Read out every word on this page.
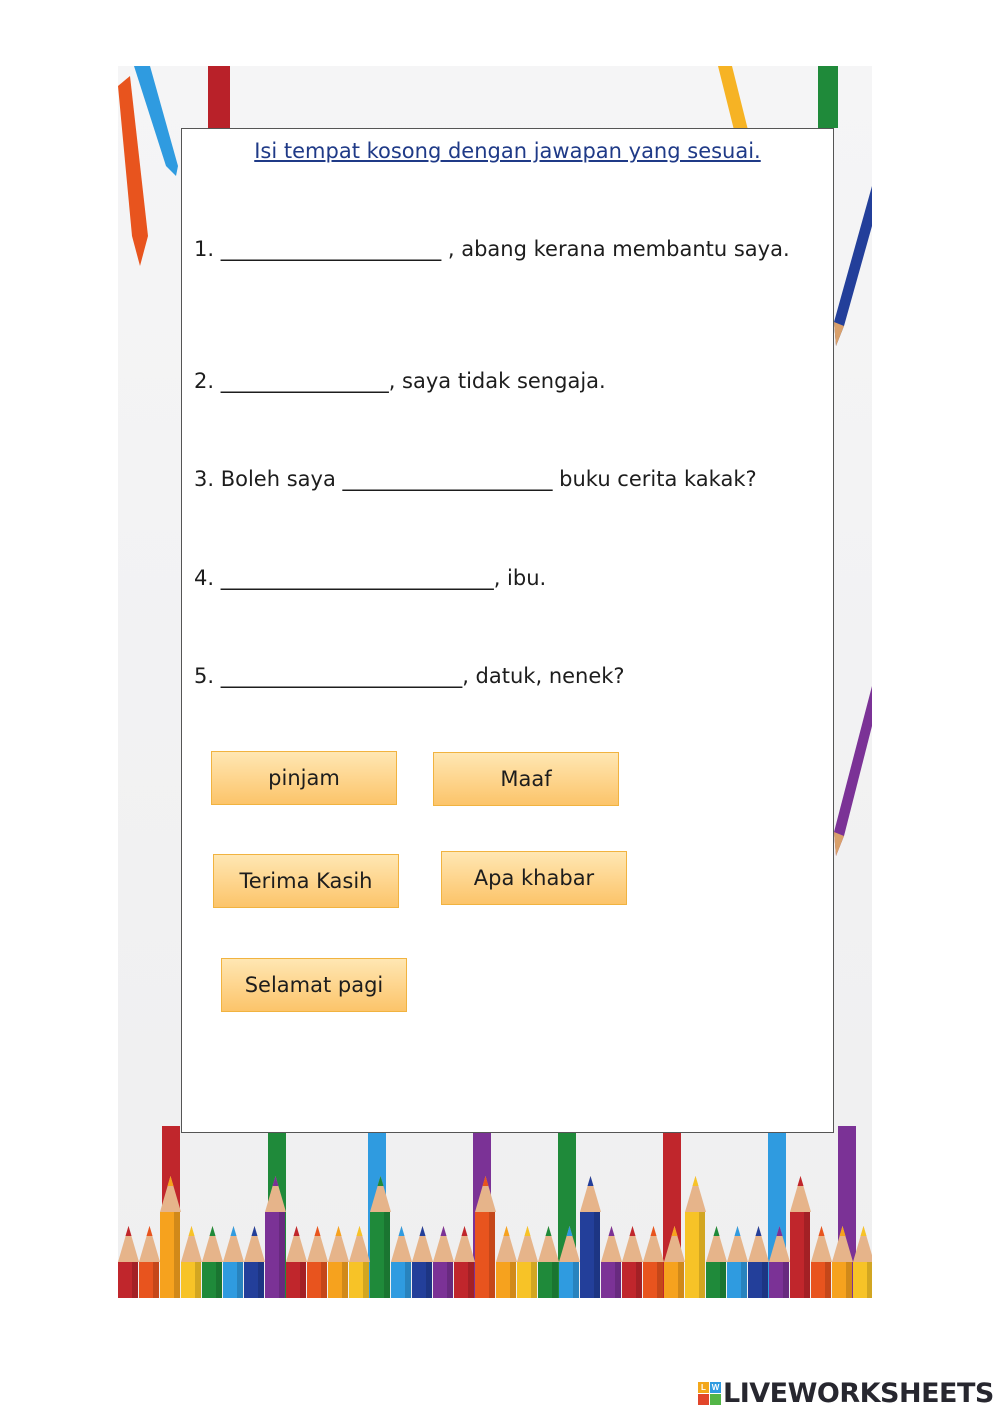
Isi tempat kosong dengan jawapan yang sesuai.
1. _____________________ , abang kerana membantu saya.
2. ________________, saya tidak sengaja.
3. Boleh saya ____________________ buku cerita kakak?
4. __________________________, ibu.
5. _______________________, datuk, nenek?
pinjam	Maaf
Terima Kasih	Apa khabar
Selamat pagi
L W LIVEWORKSHEETS
